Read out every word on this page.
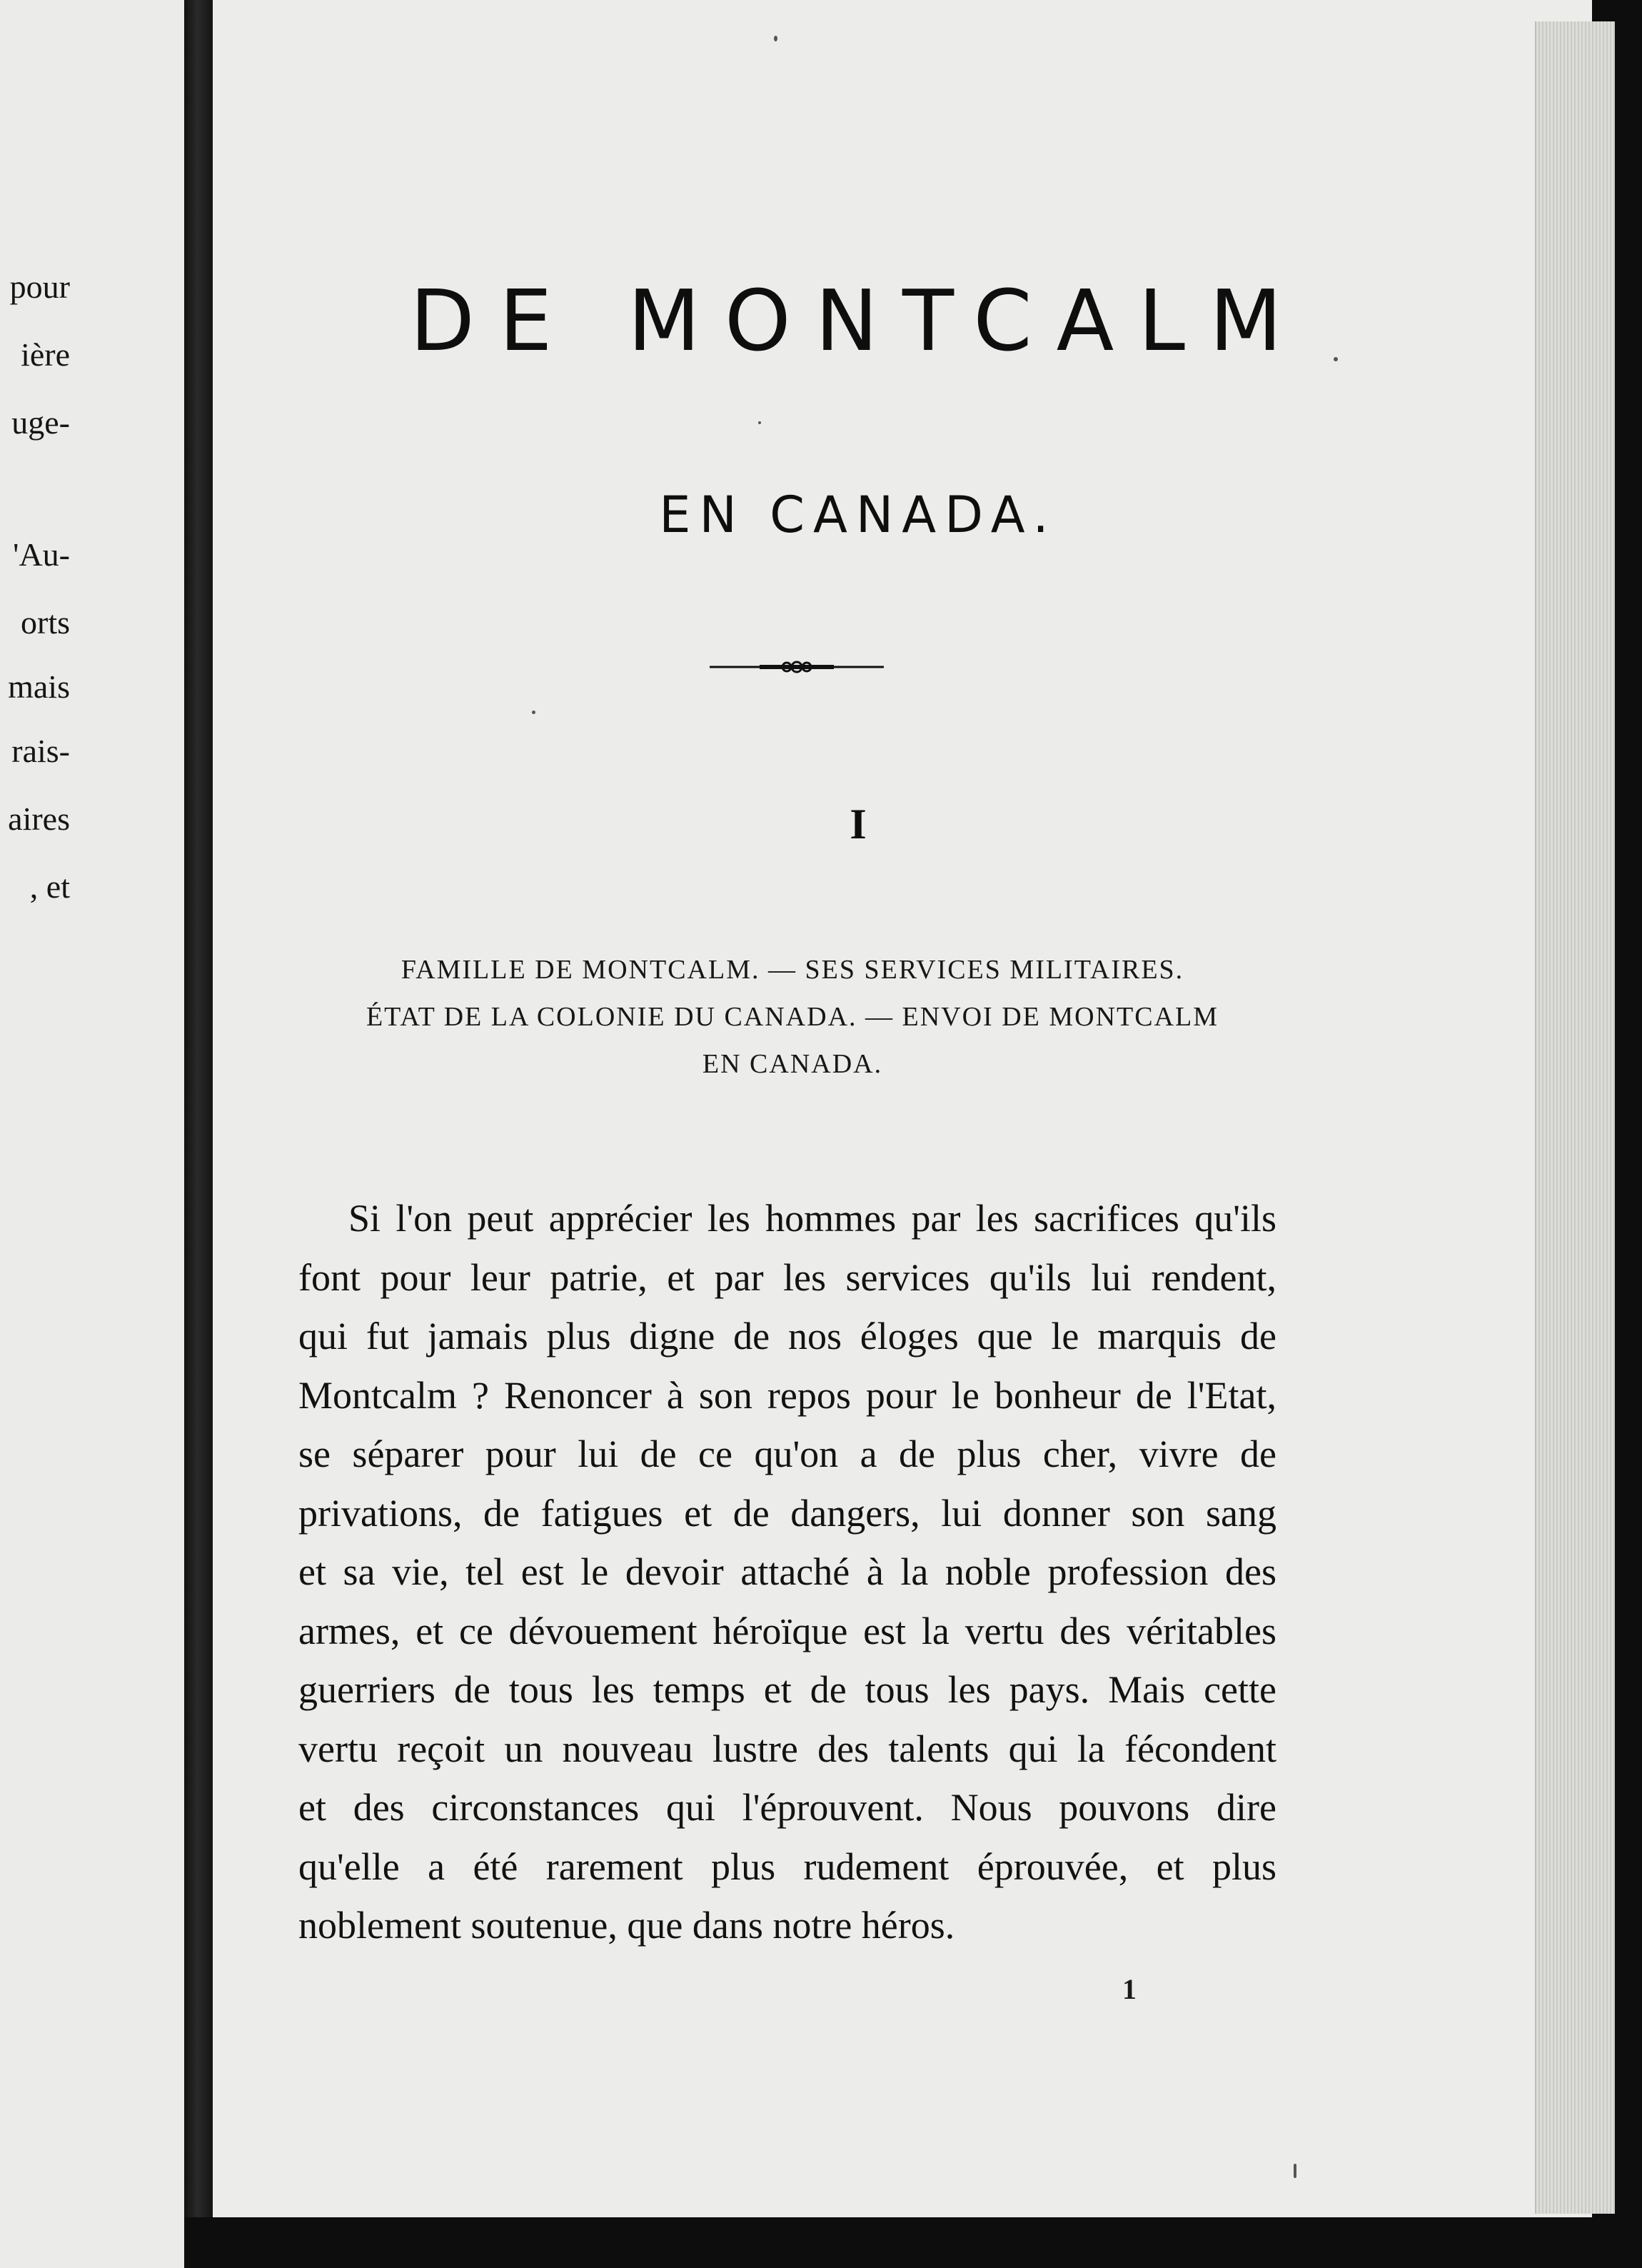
pour
ière
uge-
'Au-
orts
mais
rais-
aires
, et
DE MONTCALM
EN CANADA.
I
FAMILLE DE MONTCALM. — SES SERVICES MILITAIRES.
ÉTAT DE LA COLONIE DU CANADA. — ENVOI DE MONTCALM
EN CANADA.
Si l'on peut apprécier les hommes par les sacrifices qu'ils
font pour leur patrie, et par les services qu'ils lui rendent,
qui fut jamais plus digne de nos éloges que le marquis de
Montcalm ? Renoncer à son repos pour le bonheur de l'Etat,
se séparer pour lui de ce qu'on a de plus cher, vivre de
privations, de fatigues et de dangers, lui donner son sang
et sa vie, tel est le devoir attaché à la noble profession des
armes, et ce dévouement héroïque est la vertu des véritables
guerriers de tous les temps et de tous les pays. Mais cette
vertu reçoit un nouveau lustre des talents qui la fécondent
et des circonstances qui l'éprouvent. Nous pouvons dire
qu'elle a été rarement plus rudement éprouvée, et plus
noblement soutenue, que dans notre héros.
1
